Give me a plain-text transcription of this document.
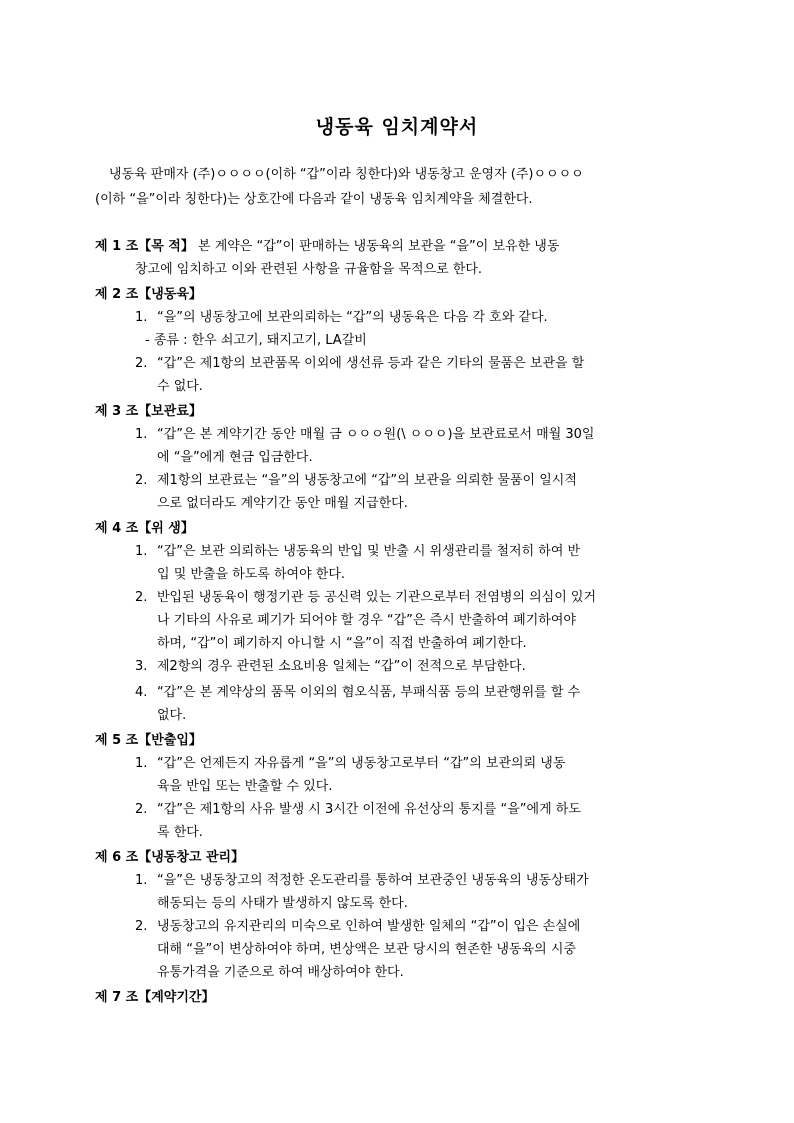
냉동육 임치계약서
냉동육 판매자 (주)ㅇㅇㅇㅇ(이하 “갑”이라 칭한다)와 냉동창고 운영자 (주)ㅇㅇㅇㅇ
(이하 “을”이라 칭한다)는 상호간에 다음과 같이 냉동육 임치계약을 체결한다.
제 1 조【목 적】 본 계약은 “갑”이 판매하는 냉동육의 보관을 “을”이 보유한 냉동
창고에 임치하고 이와 관련된 사항을 규율함을 목적으로 한다.
제 2 조【냉동육】
1. “을”의 냉동창고에 보관의뢰하는 “갑”의 냉동육은 다음 각 호와 같다.
- 종류 : 한우 쇠고기, 돼지고기, LA갈비
2. “갑”은 제1항의 보관품목 이외에 생선류 등과 같은 기타의 물품은 보관을 할
수 없다.
제 3 조【보관료】
1. “갑”은 본 계약기간 동안 매월 금 ㅇㅇㅇ원(\ ㅇㅇㅇ)을 보관료로서 매월 30일
에 “을”에게 현금 입금한다.
2. 제1항의 보관료는 “을”의 냉동창고에 “갑”의 보관을 의뢰한 물품이 일시적
으로 없더라도 계약기간 동안 매월 지급한다.
제 4 조【위 생】
1. “갑”은 보관 의뢰하는 냉동육의 반입 및 반출 시 위생관리를 철저히 하여 반
입 및 반출을 하도록 하여야 한다.
2. 반입된 냉동육이 행정기관 등 공신력 있는 기관으로부터 전염병의 의심이 있거
나 기타의 사유로 폐기가 되어야 할 경우 “갑”은 즉시 반출하여 폐기하여야
하며, “갑”이 폐기하지 아니할 시 “을”이 직접 반출하여 폐기한다.
3. 제2항의 경우 관련된 소요비용 일체는 “갑”이 전적으로 부담한다.
4. “갑”은 본 계약상의 품목 이외의 혐오식품, 부패식품 등의 보관행위를 할 수
없다.
제 5 조【반출입】
1. “갑”은 언제든지 자유롭게 “을”의 냉동창고로부터 “갑”의 보관의뢰 냉동
육을 반입 또는 반출할 수 있다.
2. “갑”은 제1항의 사유 발생 시 3시간 이전에 유선상의 통지를 “을”에게 하도
록 한다.
제 6 조【냉동창고 관리】
1. “을”은 냉동창고의 적정한 온도관리를 통하여 보관중인 냉동육의 냉동상태가
해동되는 등의 사태가 발생하지 않도록 한다.
2. 냉동창고의 유지관리의 미숙으로 인하여 발생한 일체의 “갑”이 입은 손실에
대해 “을”이 변상하여야 하며, 변상액은 보관 당시의 현존한 냉동육의 시중
유통가격을 기준으로 하여 배상하여야 한다.
제 7 조【계약기간】
